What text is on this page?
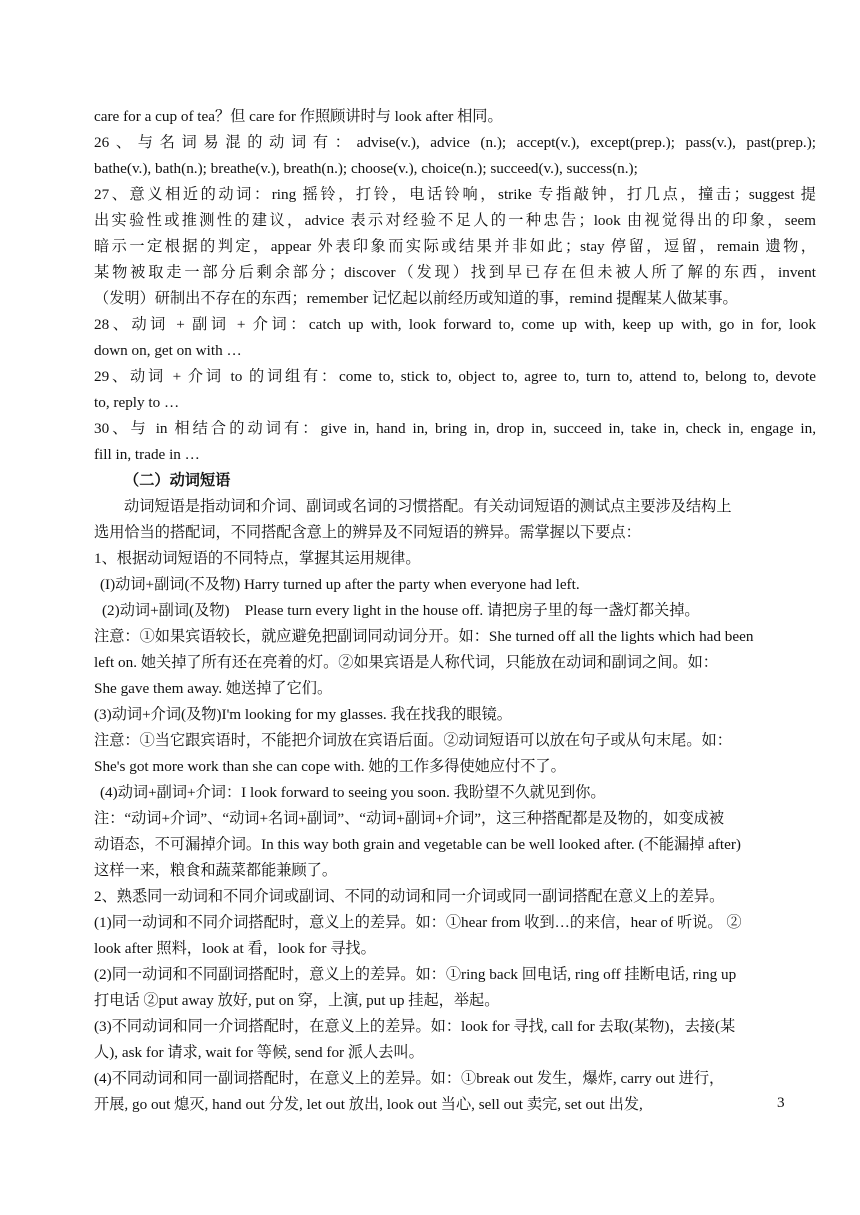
care for a cup of tea？但 care for 作照顾讲时与 look after 相同。
26、与名词易混的动词有：advise(v.), advice (n.); accept(v.), except(prep.); pass(v.), past(prep.);
bathe(v.), bath(n.); breathe(v.), breath(n.); choose(v.), choice(n.); succeed(v.), success(n.);
27、意义相近的动词：ring 摇铃，打铃，电话铃响，strike 专指敲钟，打几点，撞击；suggest 提
出实验性或推测性的建议，advice 表示对经验不足人的一种忠告；look 由视觉得出的印象，seem
暗示一定根据的判定，appear 外表印象而实际或结果并非如此；stay 停留，逗留，remain 遗物，
某物被取走一部分后剩余部分；discover（发现）找到早已存在但未被人所了解的东西，invent
（发明）研制出不存在的东西；remember 记忆起以前经历或知道的事，remind 提醒某人做某事。
28、动词 + 副词 + 介词：catch up with, look forward to, come up with, keep up with, go in for, look
down on, get on with …
29、动词 + 介词 to 的词组有：come to, stick to, object to, agree to, turn to, attend to, belong to, devote
to, reply to …
30、与 in 相结合的动词有：give in, hand in, bring in, drop in, succeed in, take in, check in, engage in,
fill in, trade in …
（二）动词短语
动词短语是指动词和介词、副词或名词的习惯搭配。有关动词短语的测试点主要涉及结构上
选用恰当的搭配词，不同搭配含意上的辨异及不同短语的辨异。需掌握以下要点：
1、根据动词短语的不同特点，掌握其运用规律。
(I)动词+副词(不及物) Harry turned up after the party when everyone had left.
(2)动词+副词(及物)　Please turn every light in the house off. 请把房子里的每一盏灯都关掉。
注意：①如果宾语较长，就应避免把副词同动词分开。如：She turned off all the lights which had been
left on. 她关掉了所有还在亮着的灯。②如果宾语是人称代词，只能放在动词和副词之间。如：
She gave them away. 她送掉了它们。
(3)动词+介词(及物)I'm looking for my glasses. 我在找我的眼镜。
注意：①当它跟宾语时，不能把介词放在宾语后面。②动词短语可以放在句子或从句末尾。如：
She's got more work than she can cope with. 她的工作多得使她应付不了。
(4)动词+副词+介词：I look forward to seeing you soon. 我盼望不久就见到你。
注：“动词+介词”、“动词+名词+副词”、“动词+副词+介词”，这三种搭配都是及物的，如变成被
动语态，不可漏掉介词。In this way both grain and vegetable can be well looked after. (不能漏掉 after)
这样一来，粮食和蔬菜都能兼顾了。
2、熟悉同一动词和不同介词或副词、不同的动词和同一介词或同一副词搭配在意义上的差异。
(1)同一动词和不同介词搭配时，意义上的差异。如：①hear from 收到…的来信，hear of 听说。 ②
look after 照料，look at 看，look for 寻找。
(2)同一动词和不同副词搭配时，意义上的差异。如：①ring back 回电话, ring off 挂断电话, ring up
打电话 ②put away 放好, put on 穿，上演, put up 挂起，举起。
(3)不同动词和同一介词搭配时，在意义上的差异。如：look for 寻找, call for 去取(某物)，去接(某
人), ask for 请求, wait for 等候, send for 派人去叫。
(4)不同动词和同一副词搭配时，在意义上的差异。如：①break out 发生，爆炸, carry out 进行，
开展, go out 熄灭, hand out 分发, let out 放出, look out 当心, sell out 卖完, set out 出发,	3
